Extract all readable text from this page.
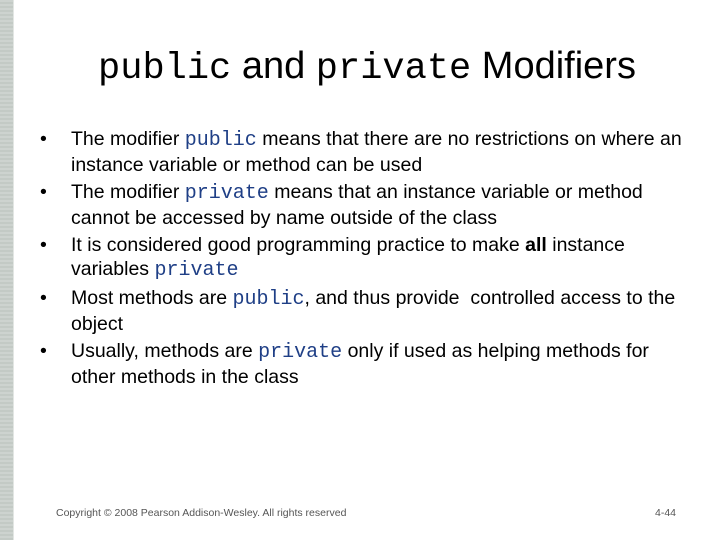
public and private Modifiers
• The modifier public means that there are no restrictions on where an instance variable or method can be used
• The modifier private means that an instance variable or method cannot be accessed by name outside of the class
• It is considered good programming practice to make all instance variables private
• Most methods are public, and thus provide  controlled access to the object
• Usually, methods are private only if used as helping methods for other methods in the class
Copyright © 2008 Pearson Addison-Wesley. All rights reserved	4-44
